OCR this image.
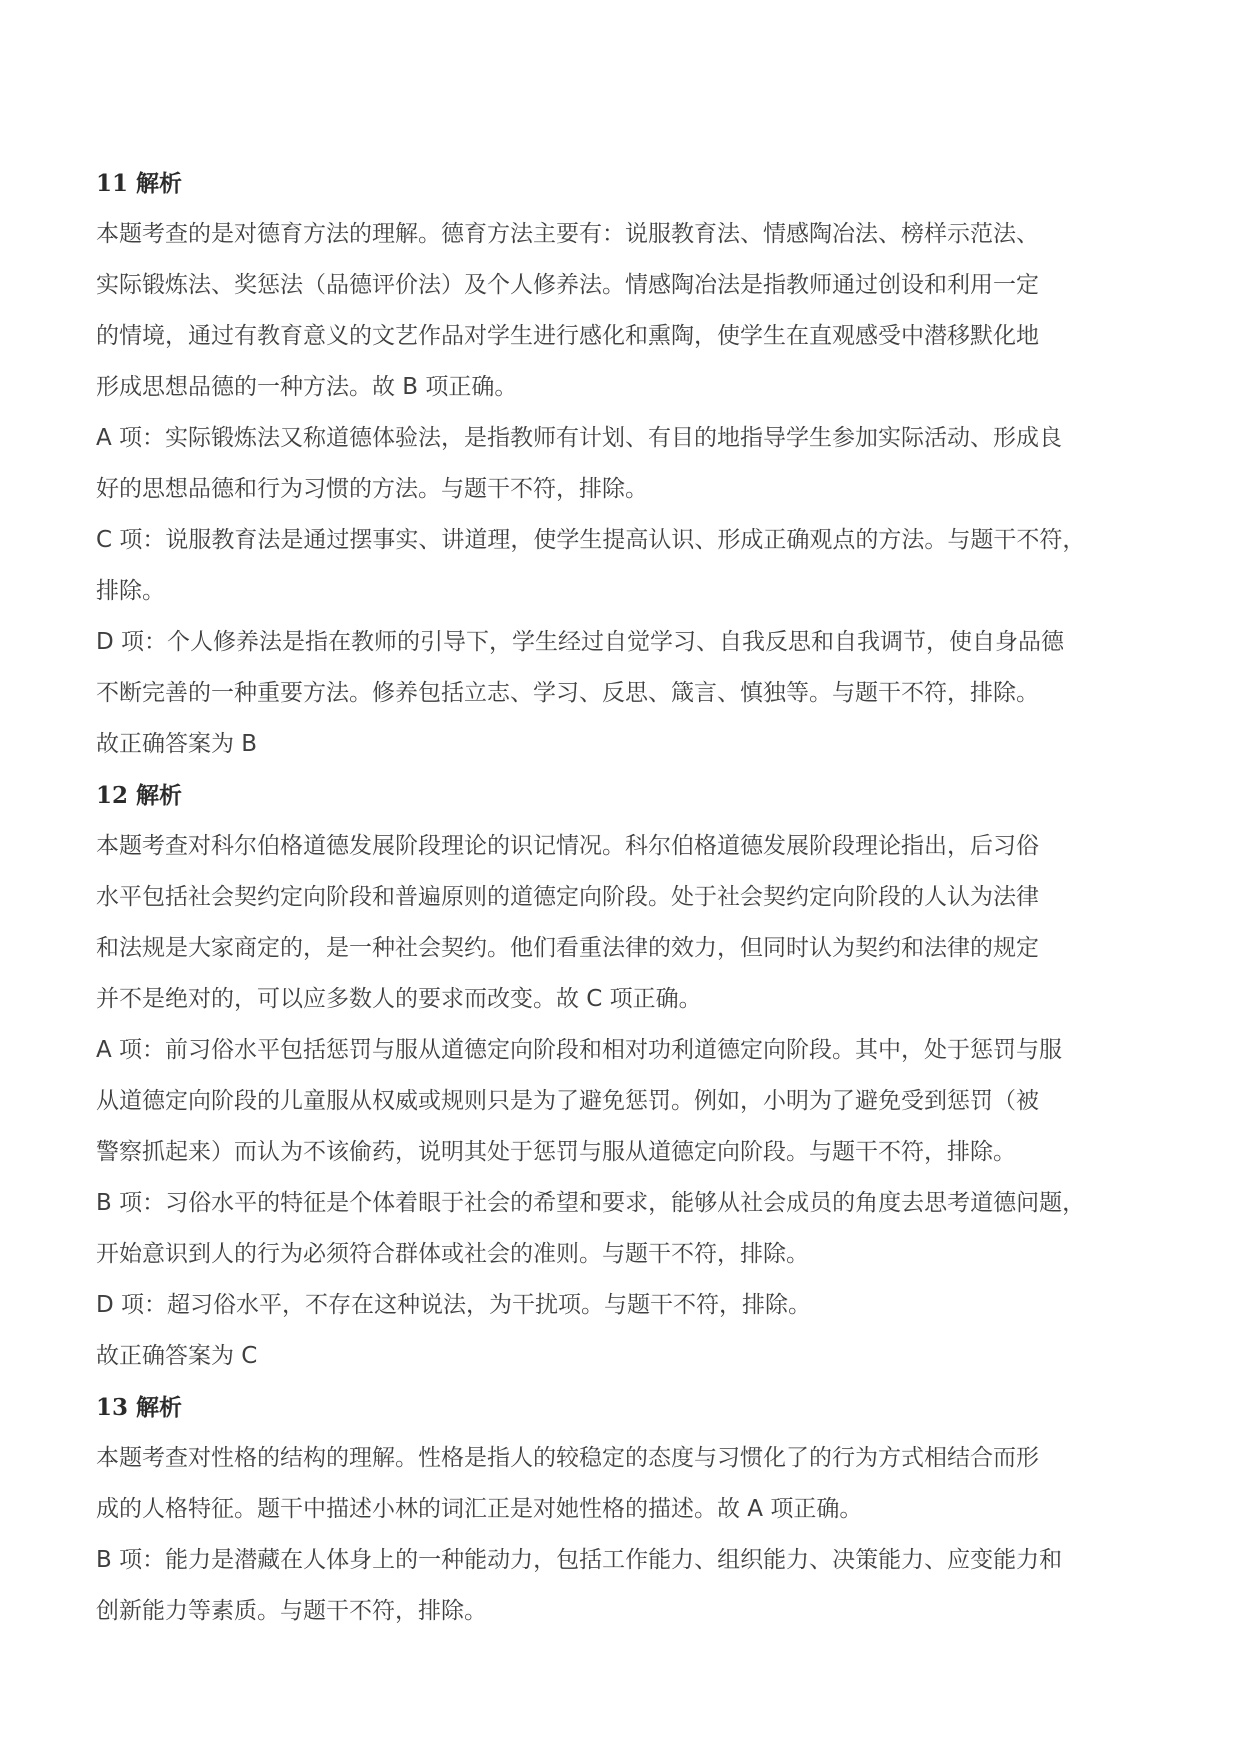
11 解析
本题考查的是对德育方法的理解。德育方法主要有：说服教育法、情感陶冶法、榜样示范法、
实际锻炼法、奖惩法（品德评价法）及个人修养法。情感陶冶法是指教师通过创设和利用一定
的情境，通过有教育意义的文艺作品对学生进行感化和熏陶，使学生在直观感受中潜移默化地
形成思想品德的一种方法。故 B 项正确。
A 项：实际锻炼法又称道德体验法，是指教师有计划、有目的地指导学生参加实际活动、形成良
好的思想品德和行为习惯的方法。与题干不符，排除。
C 项：说服教育法是通过摆事实、讲道理，使学生提高认识、形成正确观点的方法。与题干不符，
排除。
D 项：个人修养法是指在教师的引导下，学生经过自觉学习、自我反思和自我调节，使自身品德
不断完善的一种重要方法。修养包括立志、学习、反思、箴言、慎独等。与题干不符，排除。
故正确答案为 B
12 解析
本题考查对科尔伯格道德发展阶段理论的识记情况。科尔伯格道德发展阶段理论指出，后习俗
水平包括社会契约定向阶段和普遍原则的道德定向阶段。处于社会契约定向阶段的人认为法律
和法规是大家商定的，是一种社会契约。他们看重法律的效力，但同时认为契约和法律的规定
并不是绝对的，可以应多数人的要求而改变。故 C 项正确。
A 项：前习俗水平包括惩罚与服从道德定向阶段和相对功利道德定向阶段。其中，处于惩罚与服
从道德定向阶段的儿童服从权威或规则只是为了避免惩罚。例如，小明为了避免受到惩罚（被
警察抓起来）而认为不该偷药，说明其处于惩罚与服从道德定向阶段。与题干不符，排除。
B 项：习俗水平的特征是个体着眼于社会的希望和要求，能够从社会成员的角度去思考道德问题，
开始意识到人的行为必须符合群体或社会的准则。与题干不符，排除。
D 项：超习俗水平，不存在这种说法，为干扰项。与题干不符，排除。
故正确答案为 C
13 解析
本题考查对性格的结构的理解。性格是指人的较稳定的态度与习惯化了的行为方式相结合而形
成的人格特征。题干中描述小林的词汇正是对她性格的描述。故 A 项正确。
B 项：能力是潜藏在人体身上的一种能动力，包括工作能力、组织能力、决策能力、应变能力和
创新能力等素质。与题干不符，排除。
